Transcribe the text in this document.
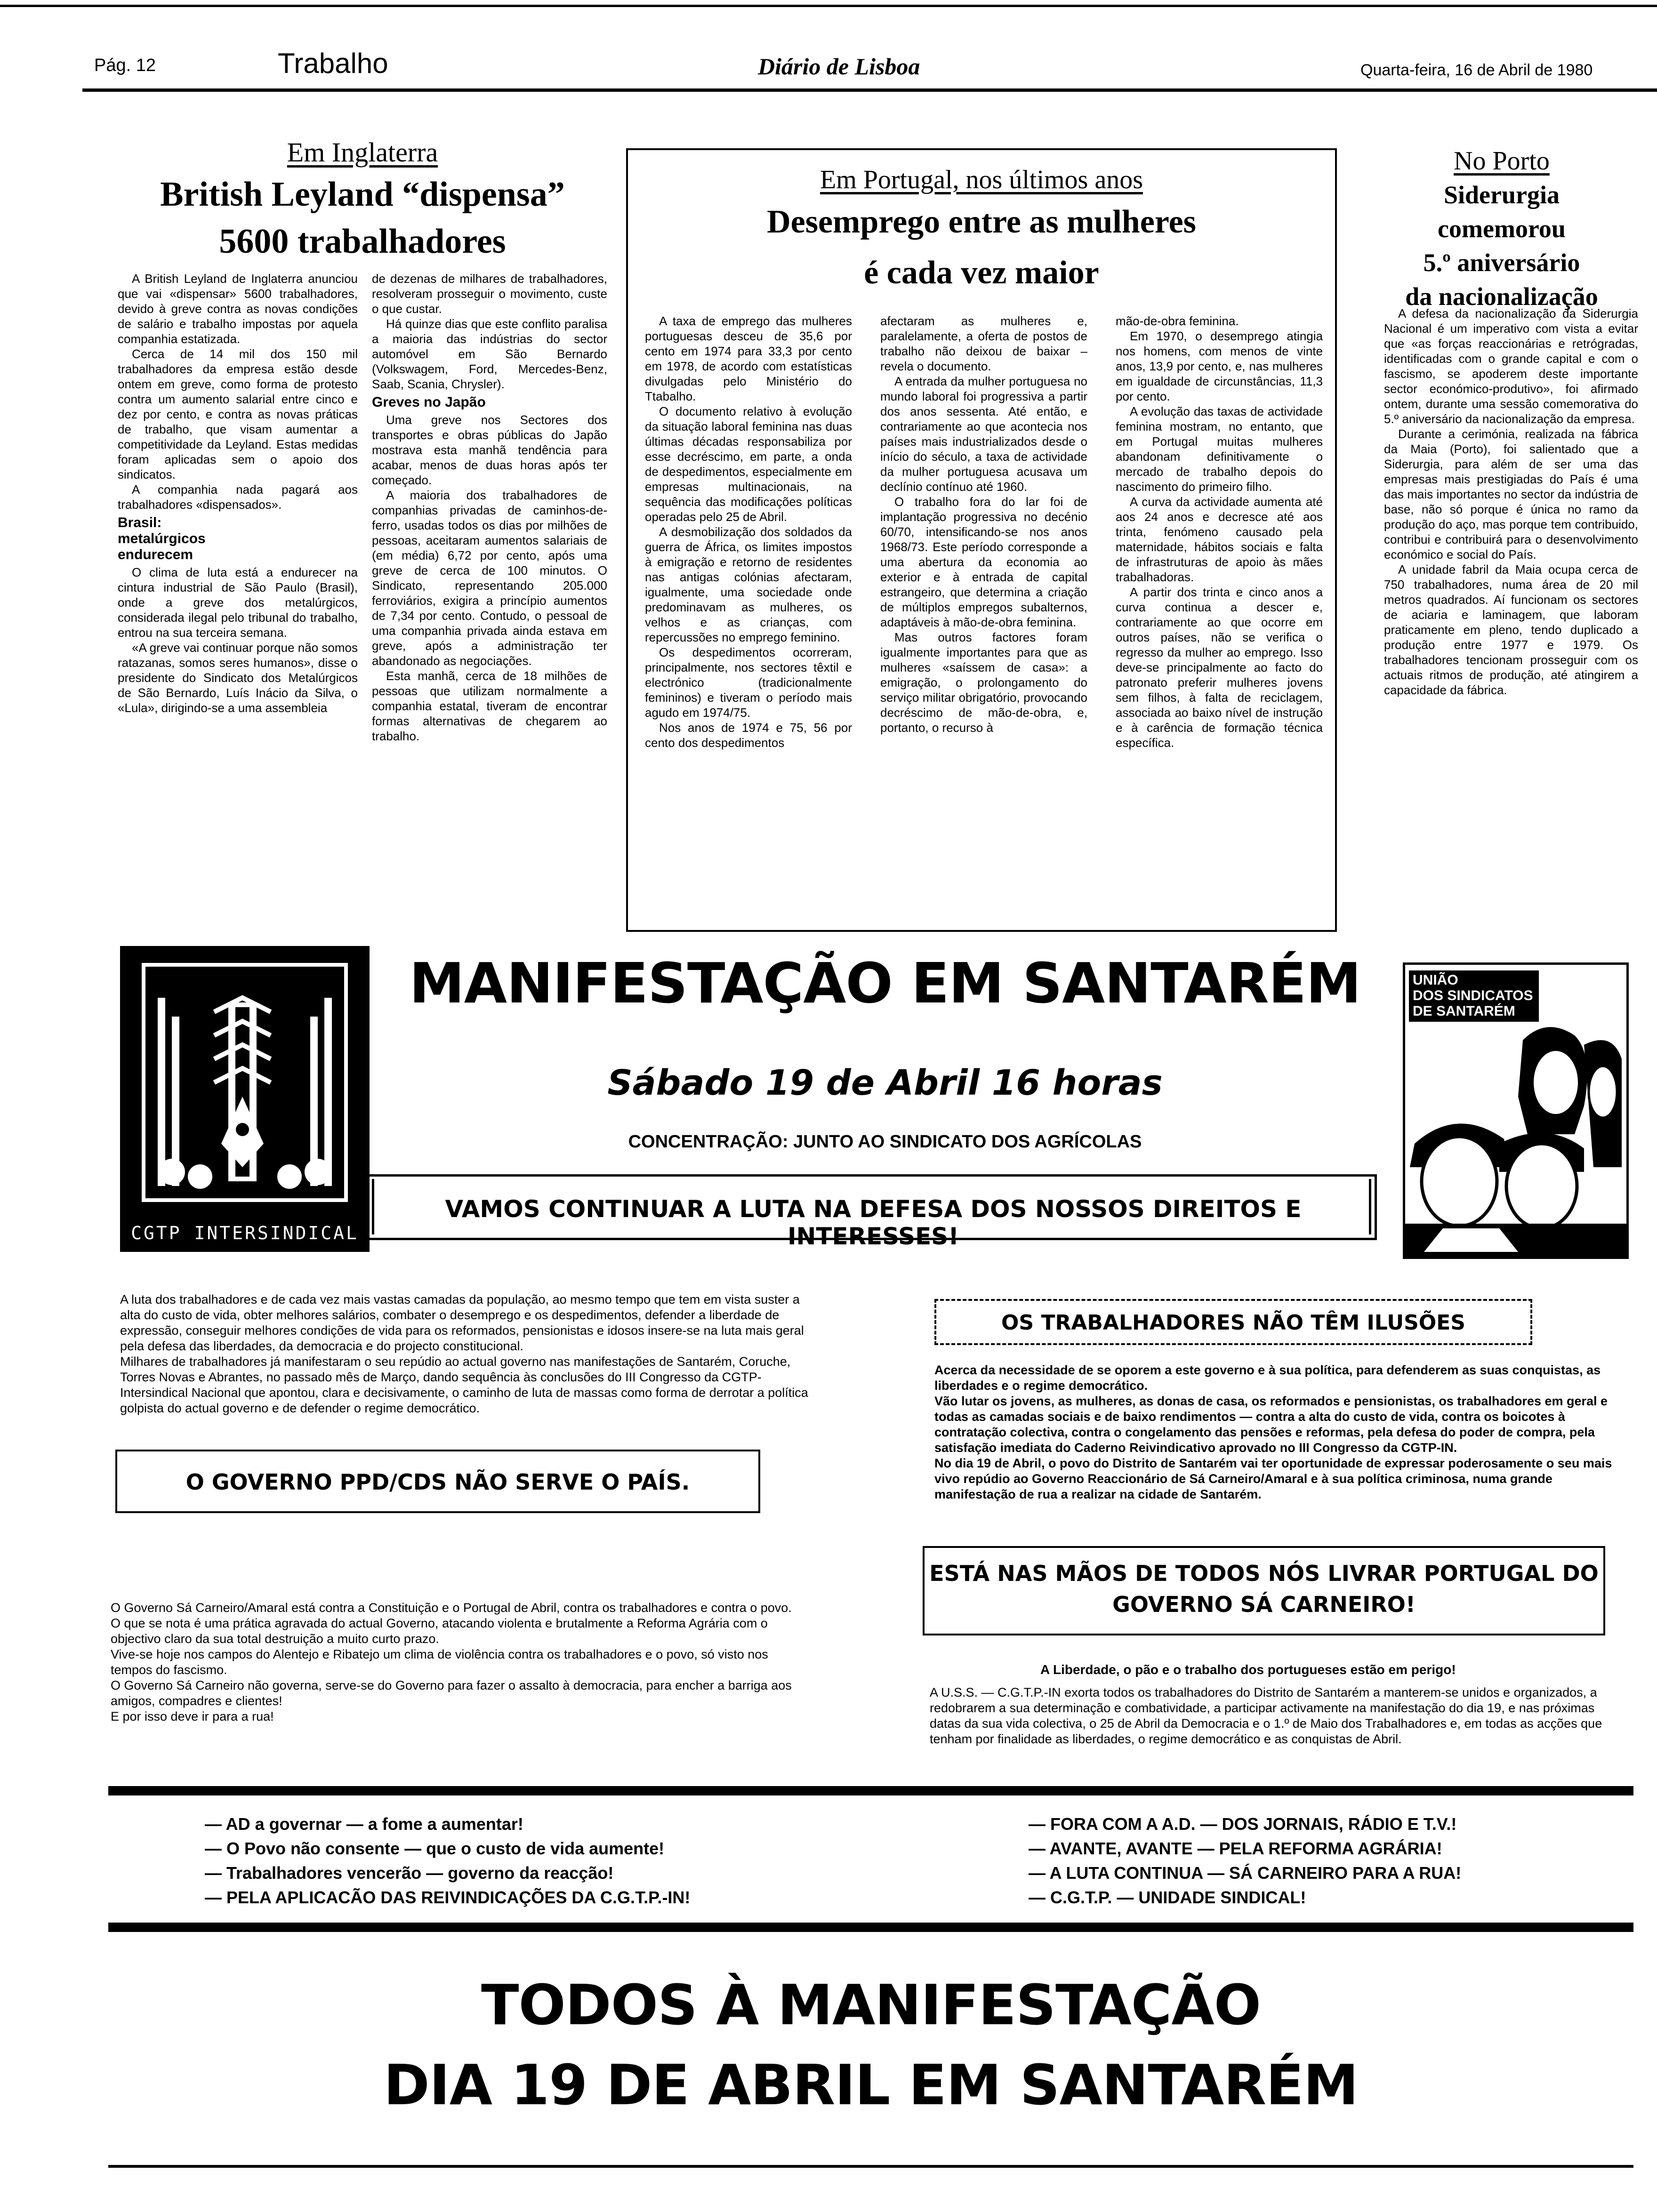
Pág. 12	Trabalho	Diário de Lisboa	Quarta-feira, 16 de Abril de 1980
Em Inglaterra
British Leyland “dispensa”
5600 trabalhadores

A British Leyland de Inglaterra anunciou que vai «dispensar» 5600 trabalhadores, devido à greve contra as novas condições de salário e trabalho impostas por aquela companhia estatizada.

Cerca de 14 mil dos 150 mil trabalhadores da empresa estão desde ontem em greve, como forma de protesto contra um aumento salarial entre cinco e dez por cento, e contra as novas práticas de trabalho, que visam aumentar a competitividade da Leyland. Estas medidas foram aplicadas sem o apoio dos sindicatos.

A companhia nada pagará aos trabalhadores «dispensados».

Brasil: metalúrgicos endurecem

O clima de luta está a endurecer na cintura industrial de São Paulo (Brasil), onde a greve dos metalúrgicos, considerada ilegal pelo tribunal do trabalho, entrou na sua terceira semana.

«A greve vai continuar porque não somos ratazanas, somos seres humanos», disse o presidente do Sindicato dos Metalúrgicos de São Bernardo, Luís Inácio da Silva, o «Lula», dirigindo-se a uma assembleia

de dezenas de milhares de trabalhadores, resolveram prosseguir o movimento, custe o que custar.

Há quinze dias que este conflito paralisa a maioria das indústrias do sector automóvel em São Bernardo (Volkswagem, Ford, Mercedes-Benz, Saab, Scania, Chrysler).

Greves no Japão

Uma greve nos Sectores dos transportes e obras públicas do Japão mostrava esta manhã tendência para acabar, menos de duas horas após ter começado.

A maioria dos trabalhadores de companhias privadas de caminhos-de-ferro, usadas todos os dias por milhões de pessoas, aceitaram aumentos salariais de (em média) 6,72 por cento, após uma greve de cerca de 100 minutos. O Sindicato, representando 205.000 ferroviários, exigira a princípio aumentos de 7,34 por cento. Contudo, o pessoal de uma companhia privada ainda estava em greve, após a administração ter abandonado as negociações.

Esta manhã, cerca de 18 milhões de pessoas que utilizam normalmente a companhia estatal, tiveram de encontrar formas alternativas de chegarem ao trabalho.

Em Portugal, nos últimos anos
Desemprego entre as mulheres
é cada vez maior

A taxa de emprego das mulheres portuguesas desceu de 35,6 por cento em 1974 para 33,3 por cento em 1978, de acordo com estatísticas divulgadas pelo Ministério do Ttabalho.

O documento relativo à evolução da situação laboral feminina nas duas últimas décadas responsabiliza por esse decréscimo, em parte, a onda de despedimentos, especialmente em empresas multinacionais, na sequência das modificações políticas operadas pelo 25 de Abril.

A desmobilização dos soldados da guerra de África, os limites impostos à emigração e retorno de residentes nas antigas colónias afectaram, igualmente, uma sociedade onde predominavam as mulheres, os velhos e as crianças, com repercussões no emprego feminino.

Os despedimentos ocorreram, principalmente, nos sectores têxtil e electrónico (tradicionalmente femininos) e tiveram o período mais agudo em 1974/75.

Nos anos de 1974 e 75, 56 por cento dos despedimentos

afectaram as mulheres e, paralelamente, a oferta de postos de trabalho não deixou de baixar – revela o documento.

A entrada da mulher portuguesa no mundo laboral foi progressiva a partir dos anos sessenta. Até então, e contrariamente ao que acontecia nos países mais industrializados desde o início do século, a taxa de actividade da mulher portuguesa acusava um declínio contínuo até 1960.

O trabalho fora do lar foi de implantação progressiva no decénio 60/70, intensificando-se nos anos 1968/73. Este período corresponde a uma abertura da economia ao exterior e à entrada de capital estrangeiro, que determina a criação de múltiplos empregos subalternos, adaptáveis à mão-de-obra feminina.

Mas outros factores foram igualmente importantes para que as mulheres «saíssem de casa»: a emigração, o prolongamento do serviço militar obrigatório, provocando decréscimo de mão-de-obra, e, portanto, o recurso à

mão-de-obra feminina.

Em 1970, o desemprego atingia nos homens, com menos de vinte anos, 13,9 por cento, e, nas mulheres em igualdade de circunstâncias, 11,3 por cento.

A evolução das taxas de actividade feminina mostram, no entanto, que em Portugal muitas mulheres abandonam definitivamente o mercado de trabalho depois do nascimento do primeiro filho.

A curva da actividade aumenta até aos 24 anos e decresce até aos trinta, fenómeno causado pela maternidade, hábitos sociais e falta de infrastruturas de apoio às mães trabalhadoras.

A partir dos trinta e cinco anos a curva continua a descer e, contrariamente ao que ocorre em outros países, não se verifica o regresso da mulher ao emprego. Isso deve-se principalmente ao facto do patronato preferir mulheres jovens sem filhos, à falta de reciclagem, associada ao baixo nível de instrução e à carência de formação técnica específica.

No Porto
Siderurgia
comemorou
5.º aniversário
da nacionalização

A defesa da nacionalização da Siderurgia Nacional é um imperativo com vista a evitar que «as forças reaccionárias e retrógradas, identificadas com o grande capital e com o fascismo, se apoderem deste importante sector económico-produtivo», foi afirmado ontem, durante uma sessão comemorativa do 5.º aniversário da nacionalização da empresa.

Durante a cerimónia, realizada na fábrica da Maia (Porto), foi salientado que a Siderurgia, para além de ser uma das empresas mais prestigiadas do País é uma das mais importantes no sector da indústria de base, não só porque é única no ramo da produção do aço, mas porque tem contribuido, contribui e contribuirá para o desenvolvimento económico e social do País.

A unidade fabril da Maia ocupa cerca de 750 trabalhadores, numa área de 20 mil metros quadrados. Aí funcionam os sectores de aciaria e laminagem, que laboram praticamente em pleno, tendo duplicado a produção entre 1977 e 1979. Os trabalhadores tencionam prosseguir com os actuais ritmos de produção, até atingirem a capacidade da fábrica.

CGTP INTERSINDICAL
MANIFESTAÇÃO EM SANTARÉM
Sábado 19 de Abril 16 horas
CONCENTRAÇÃO: JUNTO AO SINDICATO DOS AGRÍCOLAS
VAMOS CONTINUAR A LUTA NA DEFESA DOS NOSSOS DIREITOS E INTERESSES!
UNIÃO
DOS SINDICATOS
DE SANTARÉM

A luta dos trabalhadores e de cada vez mais vastas camadas da população, ao mesmo tempo que tem em vista suster a alta do custo de vida, obter melhores salários, combater o desemprego e os despedimentos, defender a liberdade de expressão, conseguir melhores condições de vida para os reformados, pensionistas e idosos insere-se na luta mais geral pela defesa das liberdades, da democracia e do projecto constitucional.

Milhares de trabalhadores já manifestaram o seu repúdio ao actual governo nas manifestações de Santarém, Coruche, Torres Novas e Abrantes, no passado mês de Março, dando sequência às conclusões do III Congresso da CGTP-Intersindical Nacional que apontou, clara e decisivamente, o caminho de luta de massas como forma de derrotar a política golpista do actual governo e de defender o regime democrático.

O GOVERNO PPD/CDS NÃO SERVE O PAÍS.

O Governo Sá Carneiro/Amaral está contra a Constituição e o Portugal de Abril, contra os trabalhadores e contra o povo.

O que se nota é uma prática agravada do actual Governo, atacando violenta e brutalmente a Reforma Agrária com o objectivo claro da sua total destruição a muito curto prazo.

Vive-se hoje nos campos do Alentejo e Ribatejo um clima de violência contra os trabalhadores e o povo, só visto nos tempos do fascismo.

O Governo Sá Carneiro não governa, serve-se do Governo para fazer o assalto à democracia, para encher a barriga aos amigos, compadres e clientes!

E por isso deve ir para a rua!

OS TRABALHADORES NÃO TÊM ILUSÕES

Acerca da necessidade de se oporem a este governo e à sua política, para defenderem as suas conquistas, as liberdades e o regime democrático.

Vão lutar os jovens, as mulheres, as donas de casa, os reformados e pensionistas, os trabalhadores em geral e todas as camadas sociais e de baixo rendimentos — contra a alta do custo de vida, contra os boicotes à contratação colectiva, contra o congelamento das pensões e reformas, pela defesa do poder de compra, pela satisfação imediata do Caderno Reivindicativo aprovado no III Congresso da CGTP-IN.

No dia 19 de Abril, o povo do Distrito de Santarém vai ter oportunidade de expressar poderosamente o seu mais vivo repúdio ao Governo Reaccionário de Sá Carneiro/Amaral e à sua política criminosa, numa grande manifestação de rua a realizar na cidade de Santarém.

ESTÁ NAS MÃOS DE TODOS NÓS LIVRAR PORTUGAL DO
GOVERNO SÁ CARNEIRO!
A Liberdade, o pão e o trabalho dos portugueses estão em perigo!
A U.S.S. — C.G.T.P.-IN exorta todos os trabalhadores do Distrito de Santarém a manterem-se unidos e organizados, a redobrarem a sua determinação e combatividade, a participar activamente na manifestação do dia 19, e nas próximas datas da sua vida colectiva, o 25 de Abril da Democracia e o 1.º de Maio dos Trabalhadores e, em todas as acções que tenham por finalidade as liberdades, o regime democrático e as conquistas de Abril.
— AD a governar — a fome a aumentar!
— O Povo não consente — que o custo de vida aumente!
— Trabalhadores vencerão — governo da reacção!
— PELA APLICACÃO DAS REIVINDICAÇÕES DA C.G.T.P.-IN!
— FORA COM A A.D. — DOS JORNAIS, RÁDIO E T.V.!
— AVANTE, AVANTE — PELA REFORMA AGRÁRIA!
— A LUTA CONTINUA — SÁ CARNEIRO PARA A RUA!
— C.G.T.P. — UNIDADE SINDICAL!
TODOS À MANIFESTAÇÃO
DIA 19 DE ABRIL EM SANTARÉM
